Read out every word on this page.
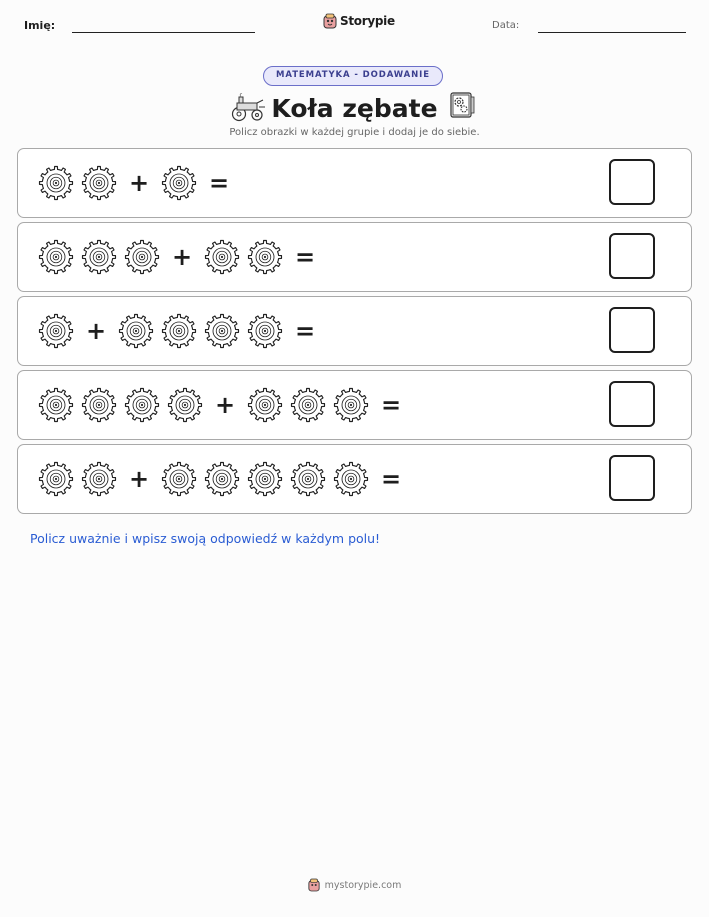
Imię:	Storypie	Data:
MATEMATYKA - DODAWANIE
Koła zębate
Policz obrazki w każdej grupie i dodaj je do siebie.
+ =
+	=
+	=
+	=
+	=
Policz uważnie i wpisz swoją odpowiedź w każdym polu!
mystorypie.com
